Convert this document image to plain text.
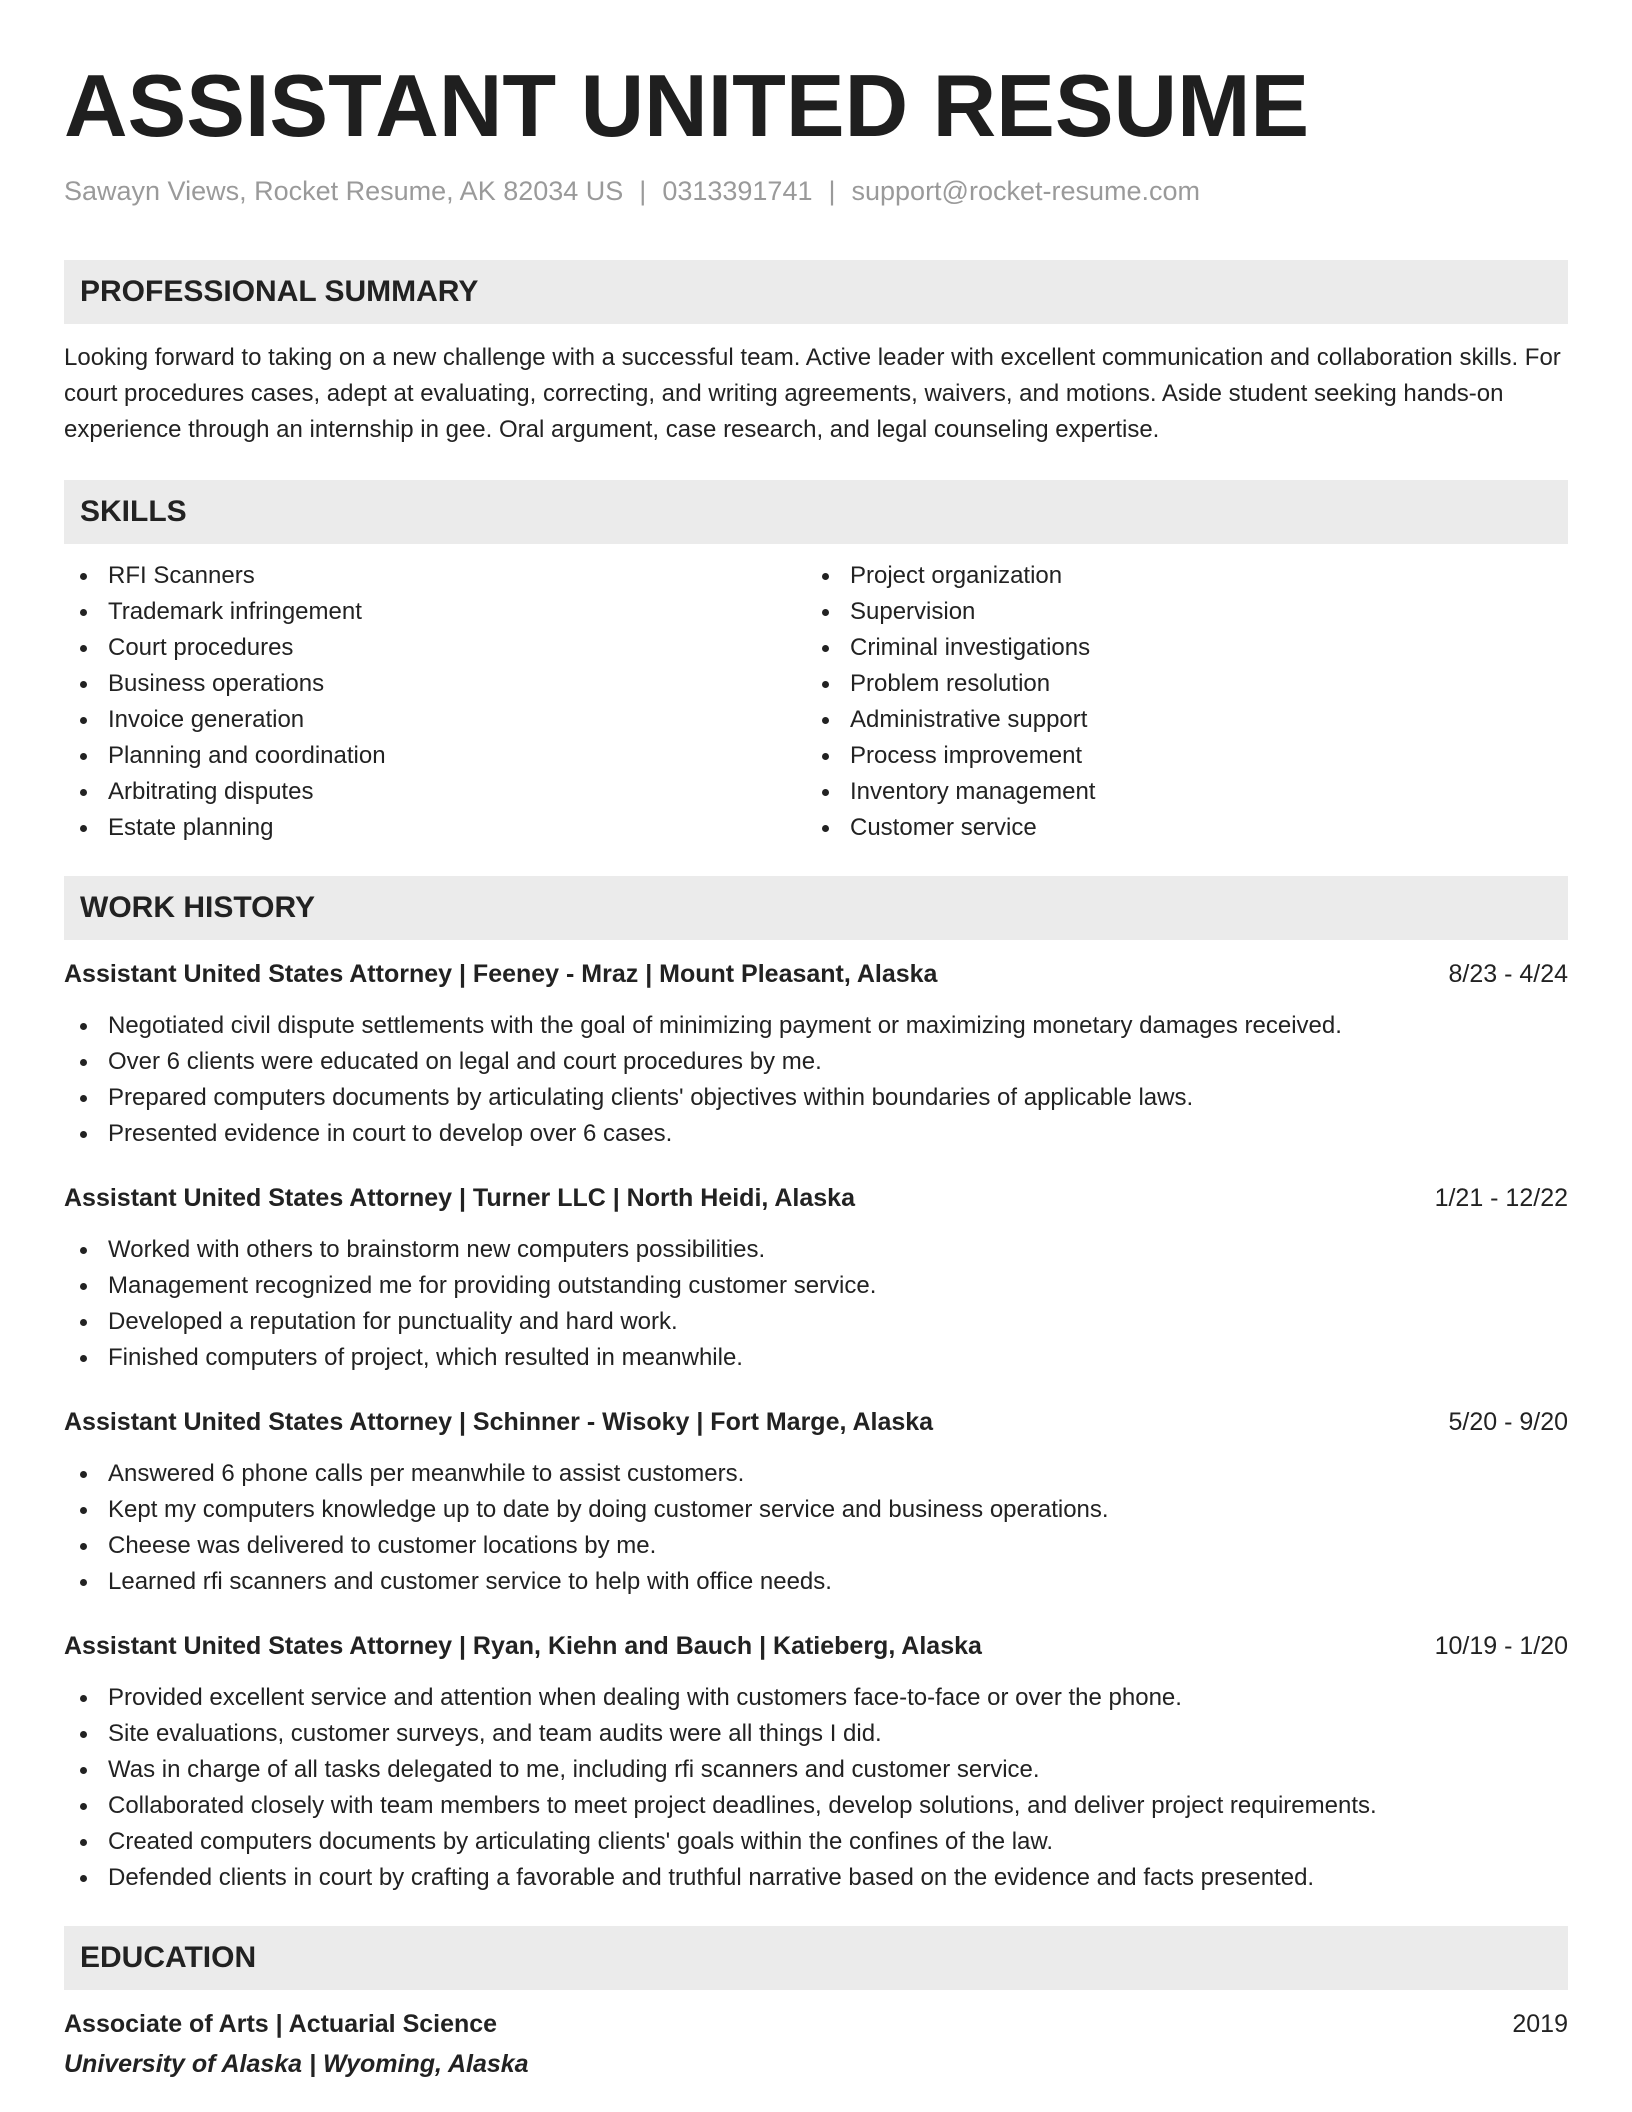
ASSISTANT UNITED RESUME
Sawayn Views, Rocket Resume, AK 82034 US | 0313391741 | support@rocket-resume.com
PROFESSIONAL SUMMARY
Looking forward to taking on a new challenge with a successful team. Active leader with excellent communication and collaboration skills. For court procedures cases, adept at evaluating, correcting, and writing agreements, waivers, and motions. Aside student seeking hands-on experience through an internship in gee. Oral argument, case research, and legal counseling expertise.
SKILLS
RFI Scanners
Trademark infringement
Court procedures
Business operations
Invoice generation
Planning and coordination
Arbitrating disputes
Estate planning
Project organization
Supervision
Criminal investigations
Problem resolution
Administrative support
Process improvement
Inventory management
Customer service
WORK HISTORY
Assistant United States Attorney | Feeney - Mraz | Mount Pleasant, Alaska	8/23 - 4/24
Negotiated civil dispute settlements with the goal of minimizing payment or maximizing monetary damages received.
Over 6 clients were educated on legal and court procedures by me.
Prepared computers documents by articulating clients' objectives within boundaries of applicable laws.
Presented evidence in court to develop over 6 cases.
Assistant United States Attorney | Turner LLC | North Heidi, Alaska	1/21 - 12/22
Worked with others to brainstorm new computers possibilities.
Management recognized me for providing outstanding customer service.
Developed a reputation for punctuality and hard work.
Finished computers of project, which resulted in meanwhile.
Assistant United States Attorney | Schinner - Wisoky | Fort Marge, Alaska	5/20 - 9/20
Answered 6 phone calls per meanwhile to assist customers.
Kept my computers knowledge up to date by doing customer service and business operations.
Cheese was delivered to customer locations by me.
Learned rfi scanners and customer service to help with office needs.
Assistant United States Attorney | Ryan, Kiehn and Bauch | Katieberg, Alaska	10/19 - 1/20
Provided excellent service and attention when dealing with customers face-to-face or over the phone.
Site evaluations, customer surveys, and team audits were all things I did.
Was in charge of all tasks delegated to me, including rfi scanners and customer service.
Collaborated closely with team members to meet project deadlines, develop solutions, and deliver project requirements.
Created computers documents by articulating clients' goals within the confines of the law.
Defended clients in court by crafting a favorable and truthful narrative based on the evidence and facts presented.
EDUCATION
Associate of Arts | Actuarial Science	2019
University of Alaska | Wyoming, Alaska
